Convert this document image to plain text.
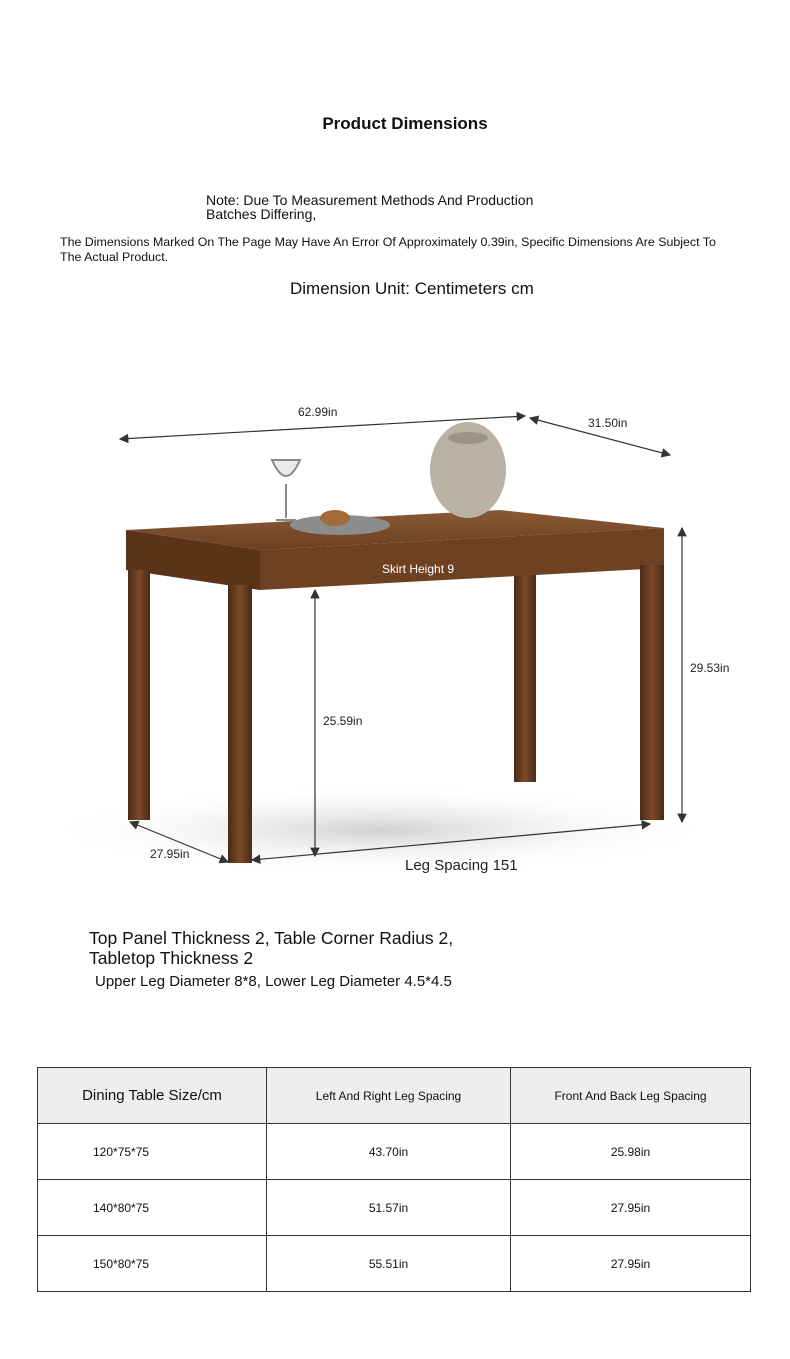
Product Dimensions
Note: Due To Measurement Methods And Production Batches Differing,
The Dimensions Marked On The Page May Have An Error Of Approximately 0.39in, Specific Dimensions Are Subject To The Actual Product.
Dimension Unit: Centimeters cm
62.99in
31.50in
Skirt Height 9
29.53in
25.59in
27.95in
Leg Spacing 151
Top Panel Thickness 2, Table Corner Radius 2, Tabletop Thickness 2
Upper Leg Diameter 8*8, Lower Leg Diameter 4.5*4.5
Dining Table Size/cm	Left And Right Leg Spacing	Front And Back Leg Spacing
120*75*75	43.70in	25.98in
140*80*75	51.57in	27.95in
150*80*75	55.51in	27.95in
